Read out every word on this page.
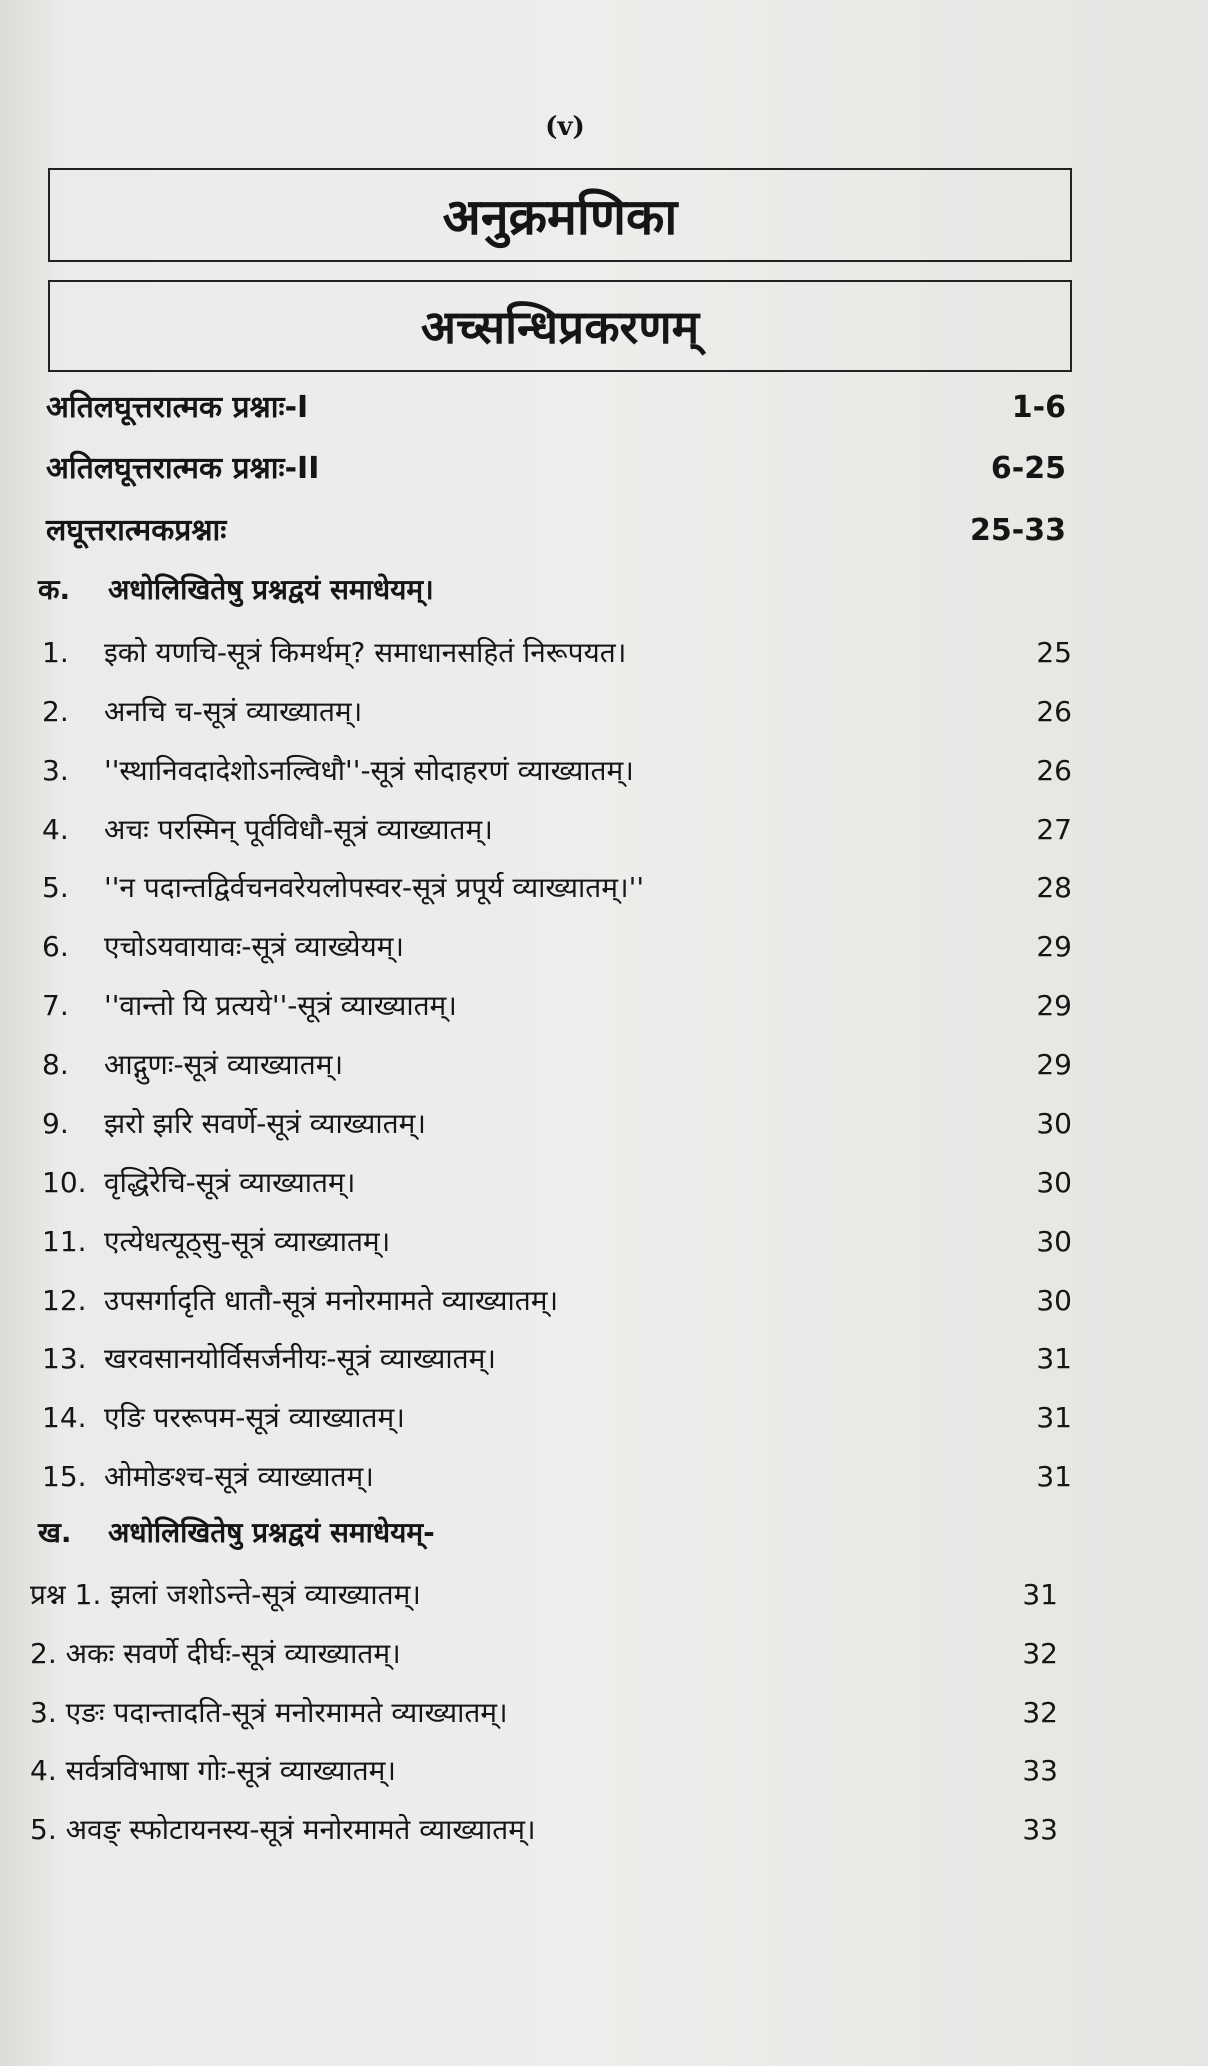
(v)
अनुक्रमणिका
अच्सन्धिप्रकरणम्
अतिलघूत्तरात्मक प्रश्नाः-I	1-6
अतिलघूत्तरात्मक प्रश्नाः-II	6-25
लघूत्तरात्मकप्रश्नाः	25-33
क. अधोलिखितेषु प्रश्नद्वयं समाधेयम्।
1.	इको यणचि-सूत्रं किमर्थम्? समाधानसहितं निरूपयत।	25
2.	अनचि च-सूत्रं व्याख्यातम्।	26
3.	''स्थानिवदादेशोऽनल्विधौ''-सूत्रं सोदाहरणं व्याख्यातम्।	26
4.	अचः परस्मिन् पूर्वविधौ-सूत्रं व्याख्यातम्।	27
5.	''न पदान्तद्विर्वचनवरेयलोपस्वर-सूत्रं प्रपूर्य व्याख्यातम्।''	28
6.	एचोऽयवायावः-सूत्रं व्याख्येयम्।	29
7.	''वान्तो यि प्रत्यये''-सूत्रं व्याख्यातम्।	29
8.	आद्गुणः-सूत्रं व्याख्यातम्।	29
9.	झरो झरि सवर्णे-सूत्रं व्याख्यातम्।	30
10. वृद्धिरेचि-सूत्रं व्याख्यातम्।	30
11. एत्येधत्यूठ्सु-सूत्रं व्याख्यातम्।	30
12. उपसर्गादृति धातौ-सूत्रं मनोरमामते व्याख्यातम्।	30
13. खरवसानयोर्विसर्जनीयः-सूत्रं व्याख्यातम्।	31
14. एङि पररूपम-सूत्रं व्याख्यातम्।	31
15. ओमोङश्च-सूत्रं व्याख्यातम्।	31
ख. अधोलिखितेषु प्रश्नद्वयं समाधेयम्-
प्रश्न 1. झलां जशोऽन्ते-सूत्रं व्याख्यातम्।	31
2. अकः सवर्णे दीर्घः-सूत्रं व्याख्यातम्।	32
3. एङः पदान्तादति-सूत्रं मनोरमामते व्याख्यातम्।	32
4. सर्वत्रविभाषा गोः-सूत्रं व्याख्यातम्।	33
5. अवङ् स्फोटायनस्य-सूत्रं मनोरमामते व्याख्यातम्।	33
